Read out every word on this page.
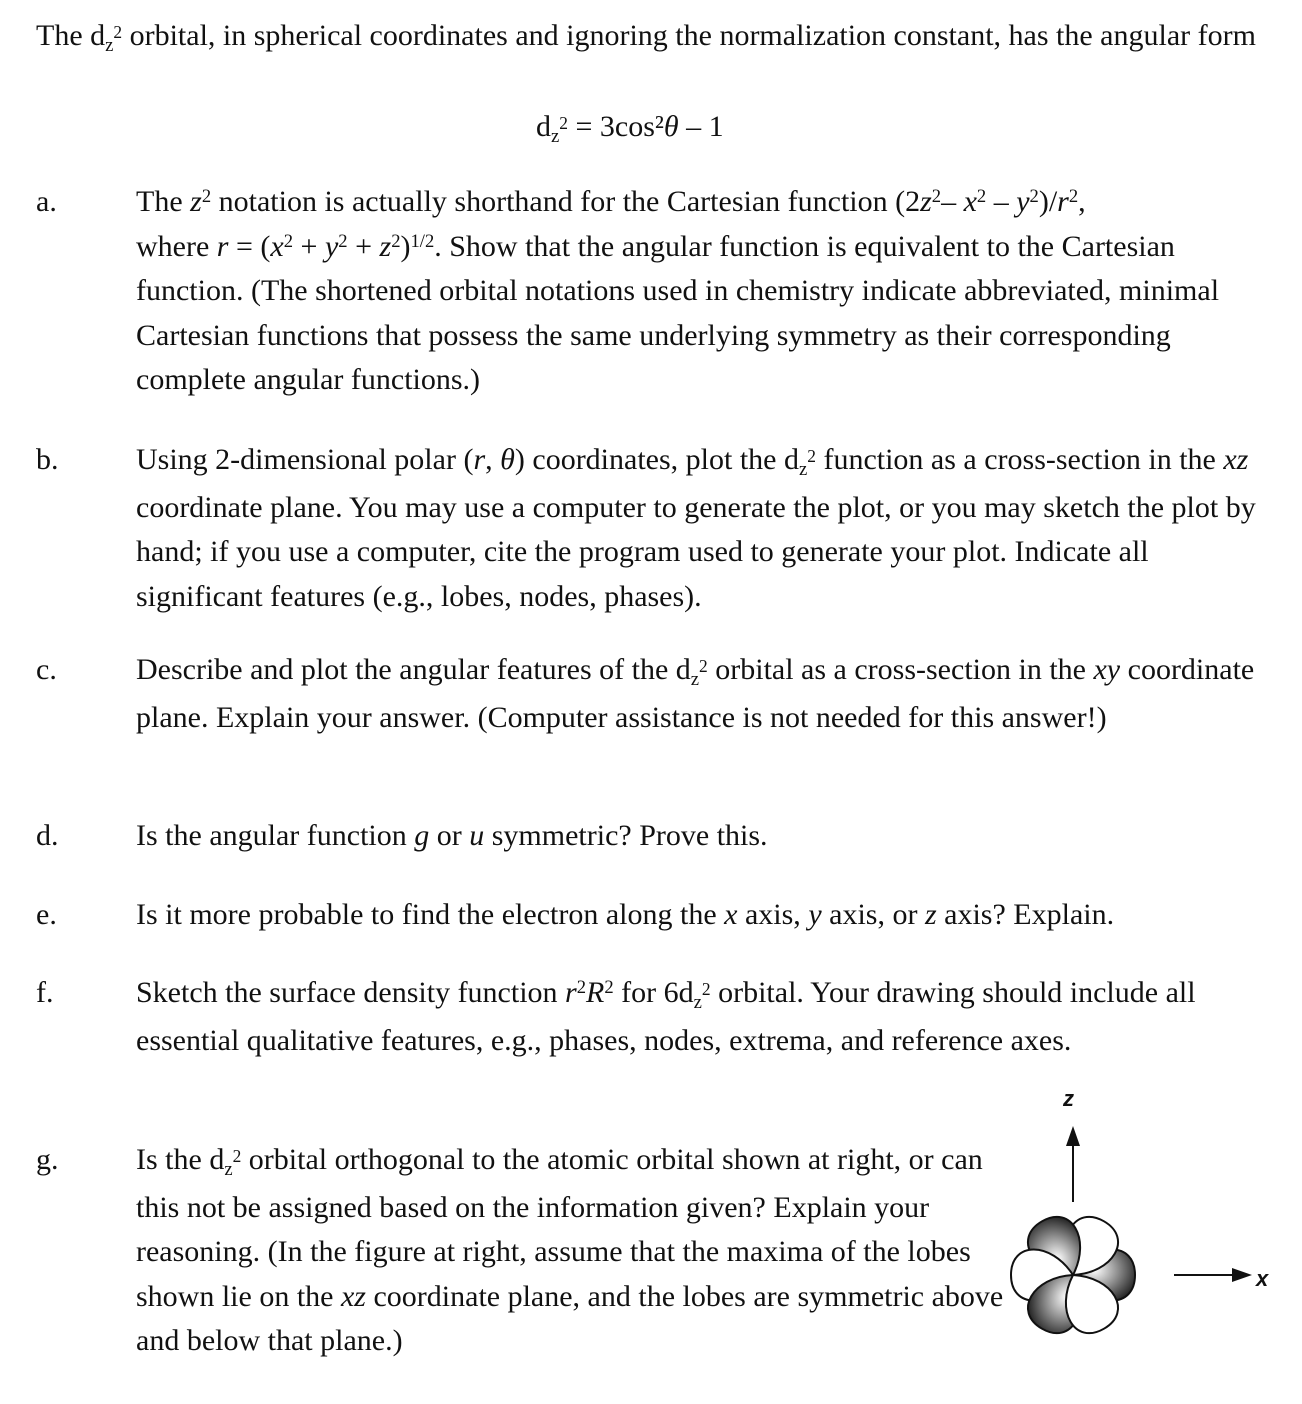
The $d_z^2$ orbital, in spherical coordinates and ignoring the normalization constant, has the angular form
$d_z^2 = 3\cos^2\theta - 1$
a.	The $z^2$ notation is actually shorthand for the Cartesian function ($2z^2-$ $x^2 - y^2)/r^2$,
where $r = (x^2 + y^2 + z^2)^{1/2}$. Show that the angular function is equivalent to the Cartesian function. (The shortened orbital notations used in chemistry indicate abbreviated, minimal Cartesian functions that possess the same underlying symmetry as their corresponding complete angular functions.)
b.	Using 2-dimensional polar (r, θ) coordinates, plot the $d_z^2$ function as a cross-section in the xz coordinate plane. You may use a computer to generate the plot, or you may sketch the plot by hand; if you use a computer, cite the program used to generate your plot. Indicate all significant features (e.g., lobes, nodes, phases).
c.	Describe and plot the angular features of the $d_z^2$ orbital as a cross-section in the xy coordinate plane. Explain your answer. (Computer assistance is not needed for this answer!)
d.	Is the angular function g or u symmetric? Prove this.
e.	Is it more probable to find the electron along the x axis, y axis, or z axis? Explain.
f.	Sketch the surface density function $r^2R^2$ for $6d_z^2$ orbital. Your drawing should include all essential qualitative features, e.g., phases, nodes, extrema, and reference axes.
g.	Is the $d_z^2$ orbital orthogonal to the atomic orbital shown at right, or can this not be assigned based on the information given? Explain your reasoning. (In the figure at right, assume that the maxima of the lobes shown lie on the xz coordinate plane, and the lobes are symmetric above and below that plane.)
z
x
